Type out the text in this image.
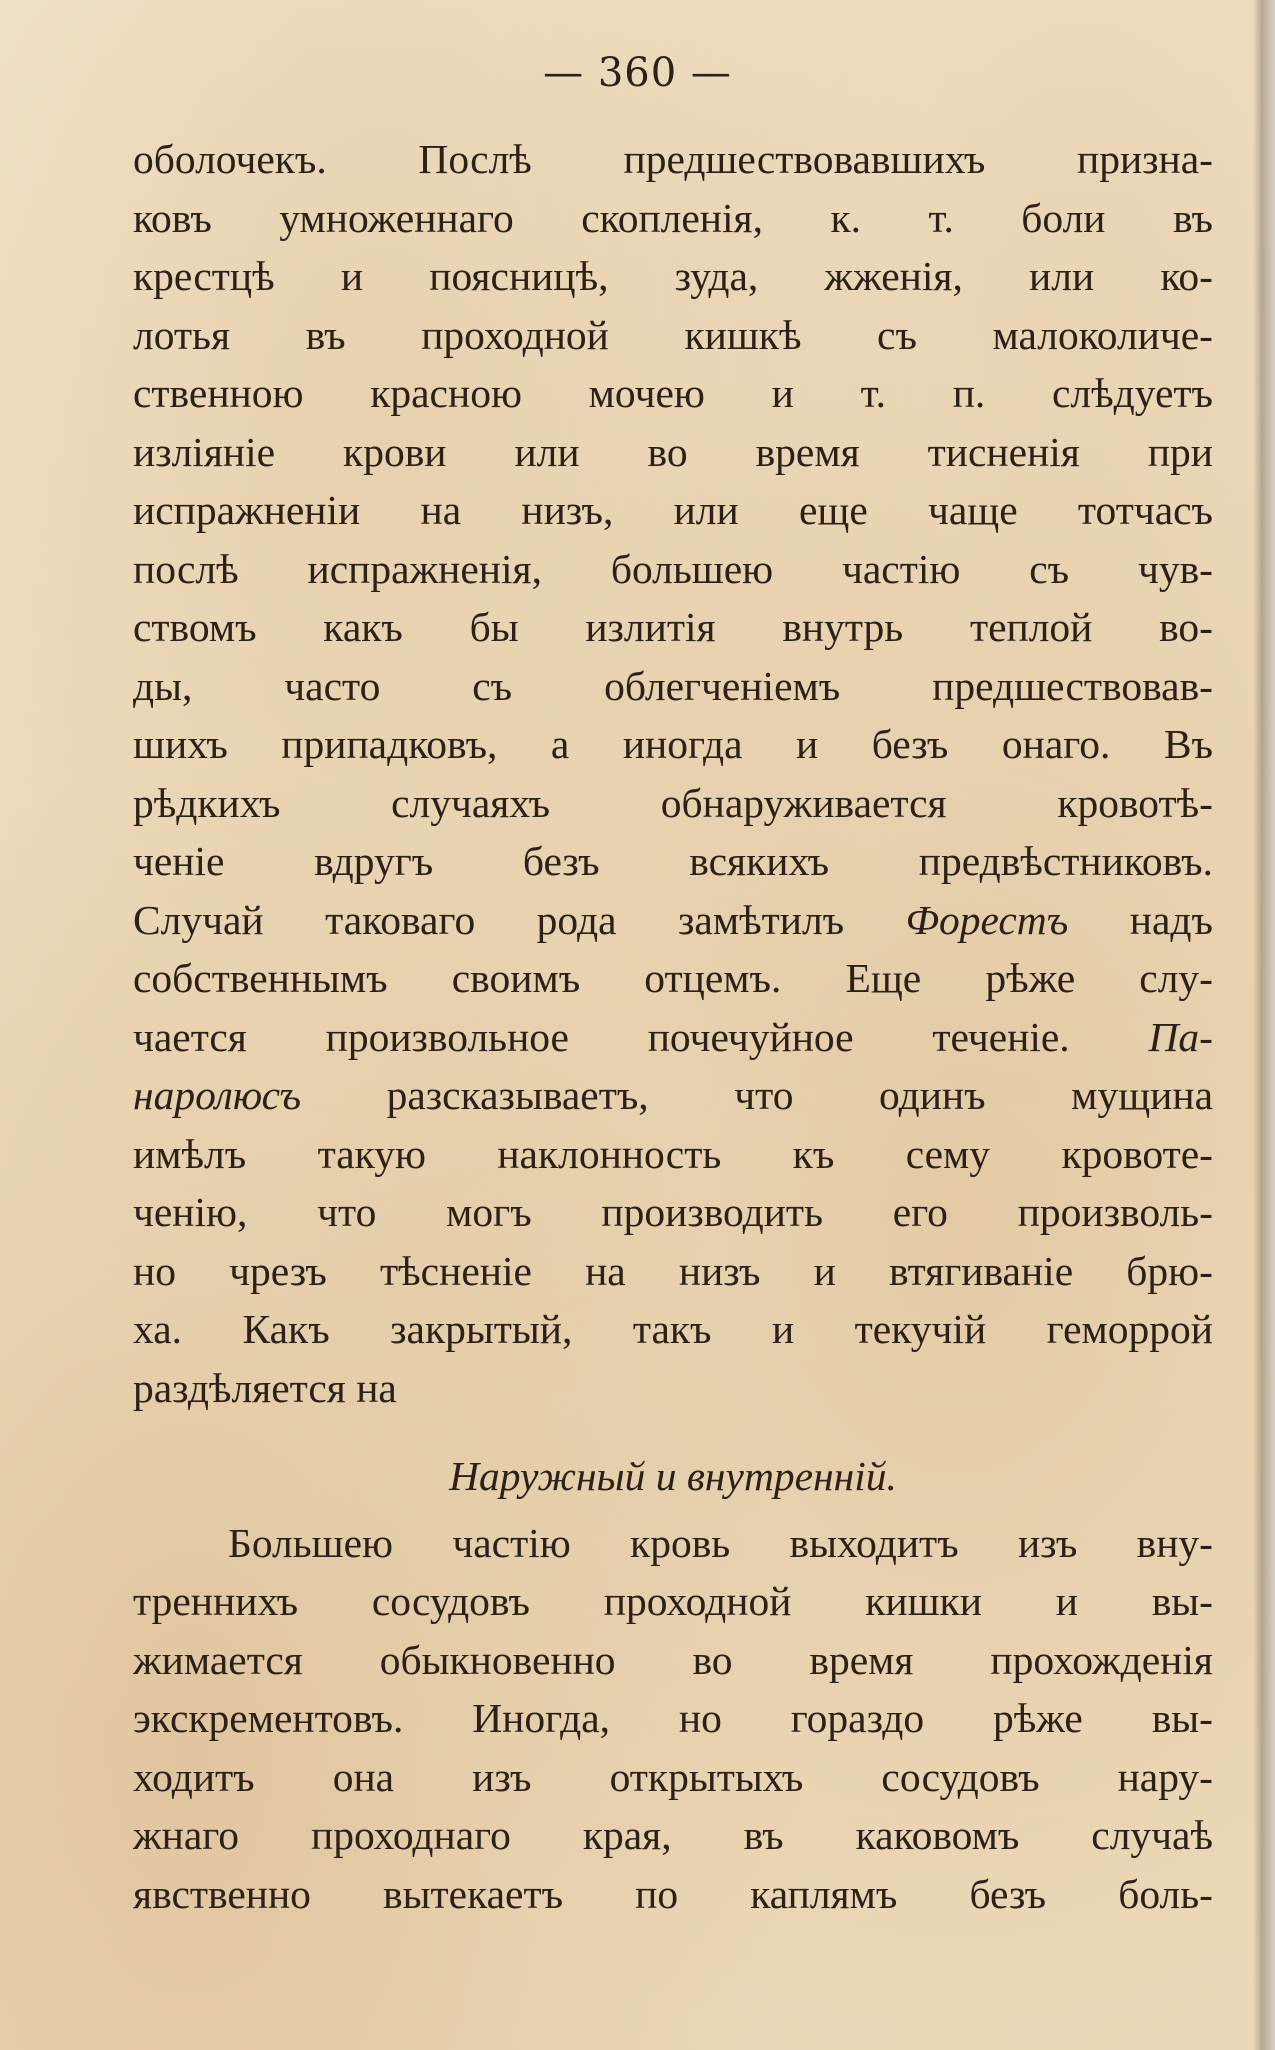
— 360 —
оболочекъ. Послѣ предшествовавшихъ призна-
ковъ умноженнаго скопленія, к. т. боли въ
крестцѣ и поясницѣ, зуда, жженія, или ко-
лотья въ проходной кишкѣ съ малоколиче-
ственною красною мочею и т. п. слѣдуетъ
изліяніе крови или во время тисненія при
испражненіи на низъ, или еще чаще тотчасъ
послѣ испражненія, большею частію съ чув-
ствомъ какъ бы излитія внутрь теплой во-
ды, часто съ облегченіемъ предшествовав-
шихъ припадковъ, а иногда и безъ онаго. Въ
рѣдкихъ случаяхъ обнаруживается кровотѣ-
ченіе вдругъ безъ всякихъ предвѣстниковъ.
Случай таковаго рода замѣтилъ Форестъ надъ
собственнымъ своимъ отцемъ. Еще рѣже слу-
чается произвольное почечуйное теченіе. Па-
наролюсъ разсказываетъ, что одинъ мущина
имѣлъ такую наклонность къ сему кровоте-
ченію, что могъ производить его произволь-
но чрезъ тѣсненіе на низъ и втягиваніе брю-
ха. Какъ закрытый, такъ и текучій геморрой
раздѣляется на
Наружный и внутренній.
Большею частію кровь выходитъ изъ вну-
треннихъ сосудовъ проходной кишки и вы-
жимается обыкновенно во время прохожденія
экскрементовъ. Иногда, но гораздо рѣже вы-
ходитъ она изъ открытыхъ сосудовъ нару-
жнаго проходнаго края, въ каковомъ случаѣ
явственно вытекаетъ по каплямъ безъ боль-
